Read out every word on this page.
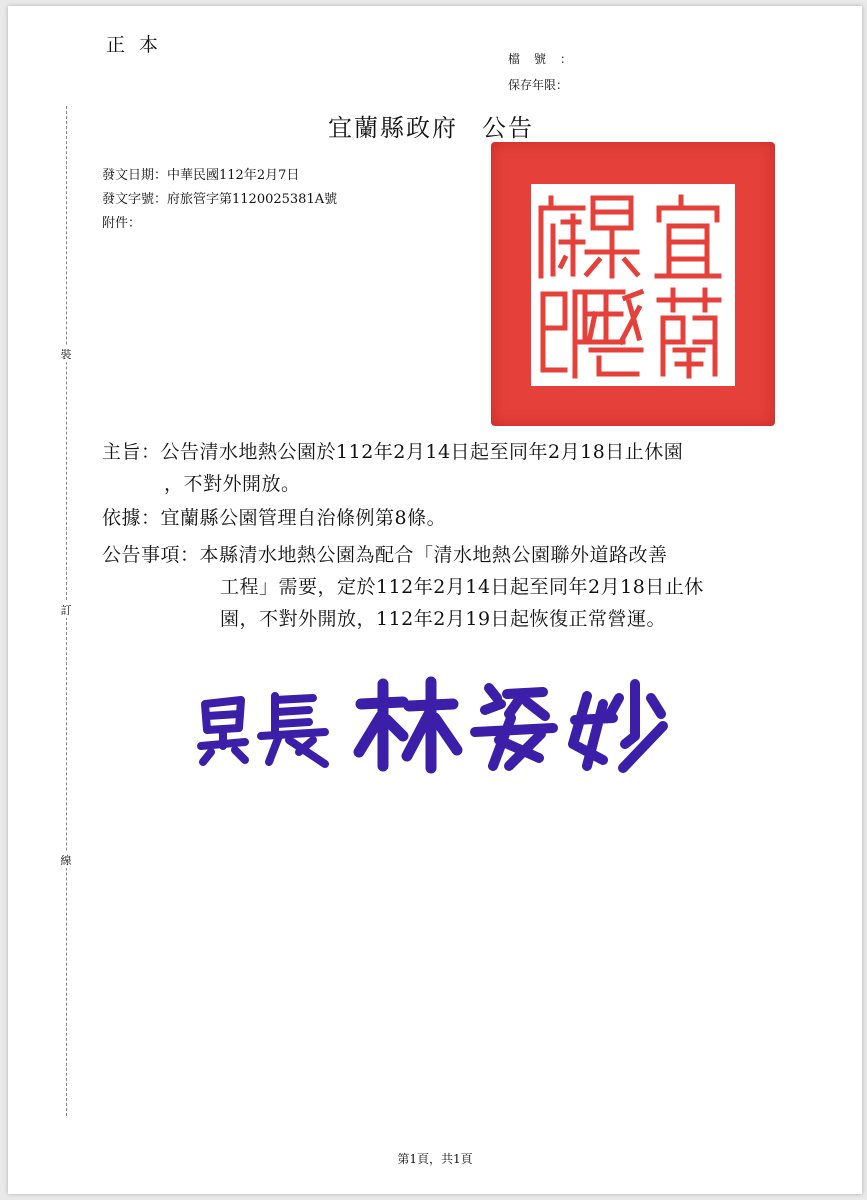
正本
檔號：
保存年限：
裝
訂
線
宜蘭縣政府 公告
發文日期：中華民國112年2月7日
發文字號：府旅管字第1120025381A號
附件：
主旨：公告清水地熱公園於112年2月14日起至同年2月18日止休園
，不對外開放。
依據：宜蘭縣公園管理自治條例第8條。
公告事項：本縣清水地熱公園為配合「清水地熱公園聯外道路改善
工程」需要，定於112年2月14日起至同年2月18日止休
園，不對外開放，112年2月19日起恢復正常營運。
第1頁，共1頁
